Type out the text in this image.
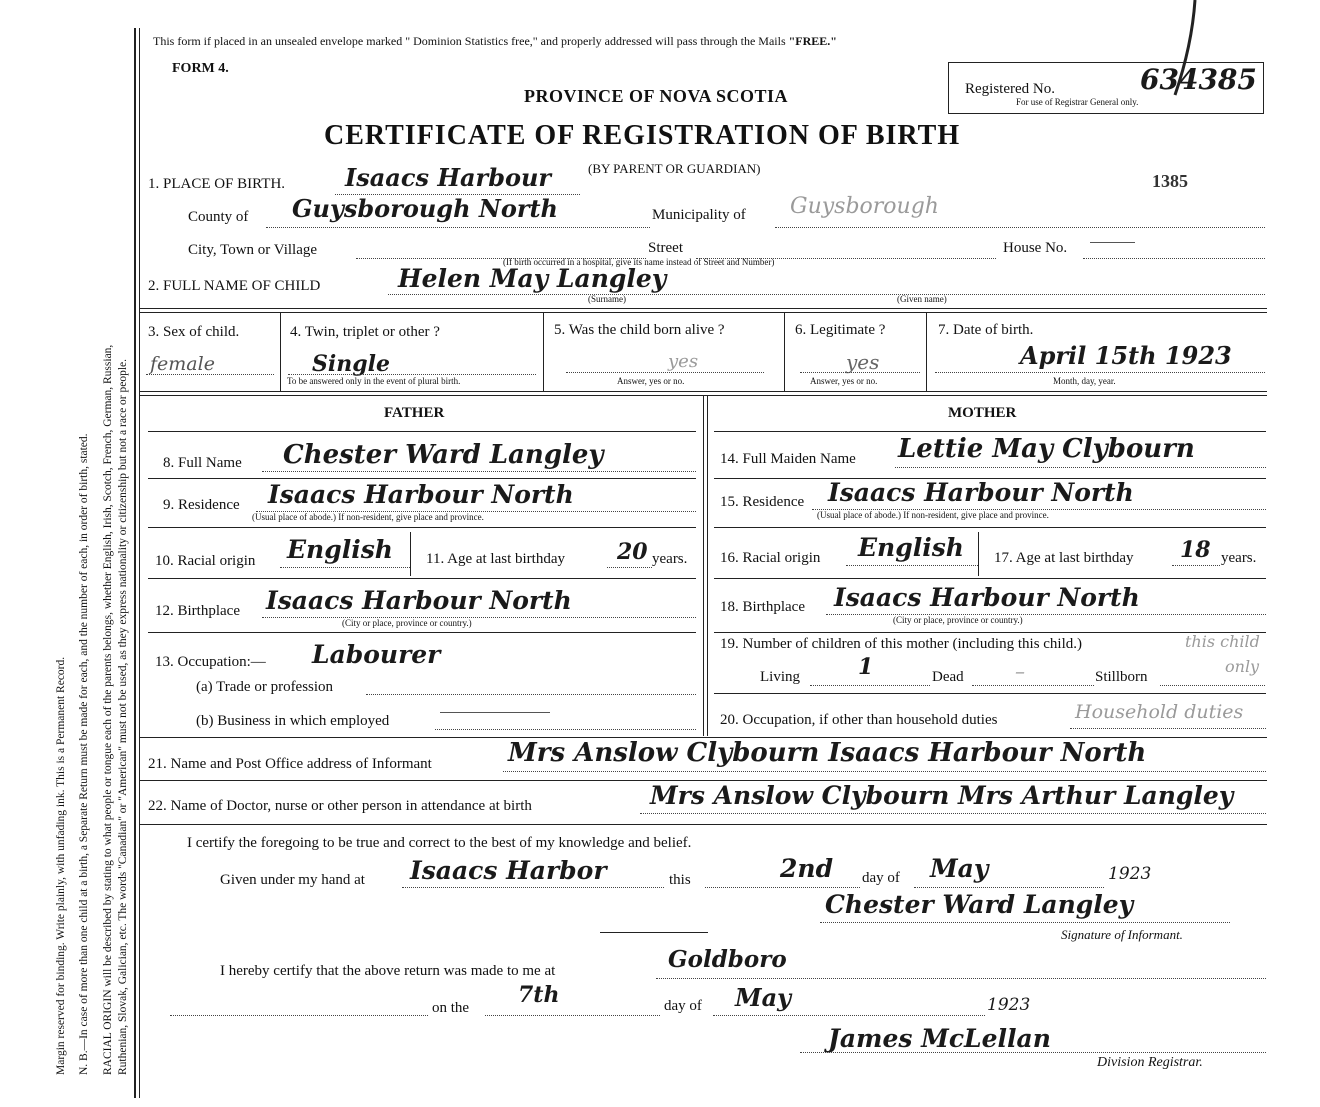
Margin reserved for binding. Write plainly, with unfading ink. This is a Permanent Record. N. B.—In case of more than one child at a birth, a Separate Return must be made for each, and the number of each, in order of birth, stated. RACIAL ORIGIN will be described by stating to what people or tongue each of the parents belongs, whether English, Irish, Scotch, French, German, Russian, Ruthenian, Slovak, Galician, etc. The words "Canadian" or "American" must not be used, as they express nationality or citizenship but not a race or people.
This form if placed in an unsealed envelope marked " Dominion Statistics free," and properly addressed will pass through the Mails "FREE."
FORM 4.
PROVINCE OF NOVA SCOTIA
CERTIFICATE OF REGISTRATION OF BIRTH
(BY PARENT OR GUARDIAN)
Registered No.
For use of Registrar General only.
634385
1385
1. PLACE OF BIRTH. Isaacs Harbour
County of Guysborough North	Municipality of Guysborough
City, Town or Village	Street	House No.
(If birth occurred in a hospital, give its name instead of Street and Number)
2. FULL NAME OF CHILD	Helen May Langley
(Surname)	(Given name)
3. Sex of child.
female
4. Twin, triplet or other ?
Single
To be answered only in the event of plural birth.
5. Was the child born alive ?
yes
Answer, yes or no.
6. Legitimate ?
yes
Answer, yes or no.
7. Date of birth.
April 15th 1923
Month, day, year.
FATHER	MOTHER
8. Full Name Chester Ward Langley
9. Residence Isaacs Harbour North
(Usual place of abode.) If non-resident, give place and province.
10. Racial origin English 11. Age at last birthday 20 years.
12. Birthplace Isaacs Harbour North
(City or place, province or country.)
13. Occupation:— Labourer
(a) Trade or profession
(b) Business in which employed
14. Full Maiden Name Lettie May Clybourn
15. Residence Isaacs Harbour North
(Usual place of abode.) If non-resident, give place and province.
16. Racial origin English 17. Age at last birthday 18 years.
18. Birthplace Isaacs Harbour North
(City or place, province or country.)
19. Number of children of this mother (including this child.)	this child
only
Living	1	Dead	–	Stillborn
20. Occupation, if other than household duties	Household duties
21. Name and Post Office address of Informant	Mrs Anslow Clybourn Isaacs Harbour North
22. Name of Doctor, nurse or other person in attendance at birth	Mrs Anslow Clybourn Mrs Arthur Langley
I certify the foregoing to be true and correct to the best of my knowledge and belief.
Given under my hand at Isaacs Harbor	this	2nd day of May	1923
Chester Ward Langley
Signature of Informant.
I hereby certify that the above return was made to me at	Goldboro
on the 7th	day of May	1923
James McLellan
Division Registrar.
